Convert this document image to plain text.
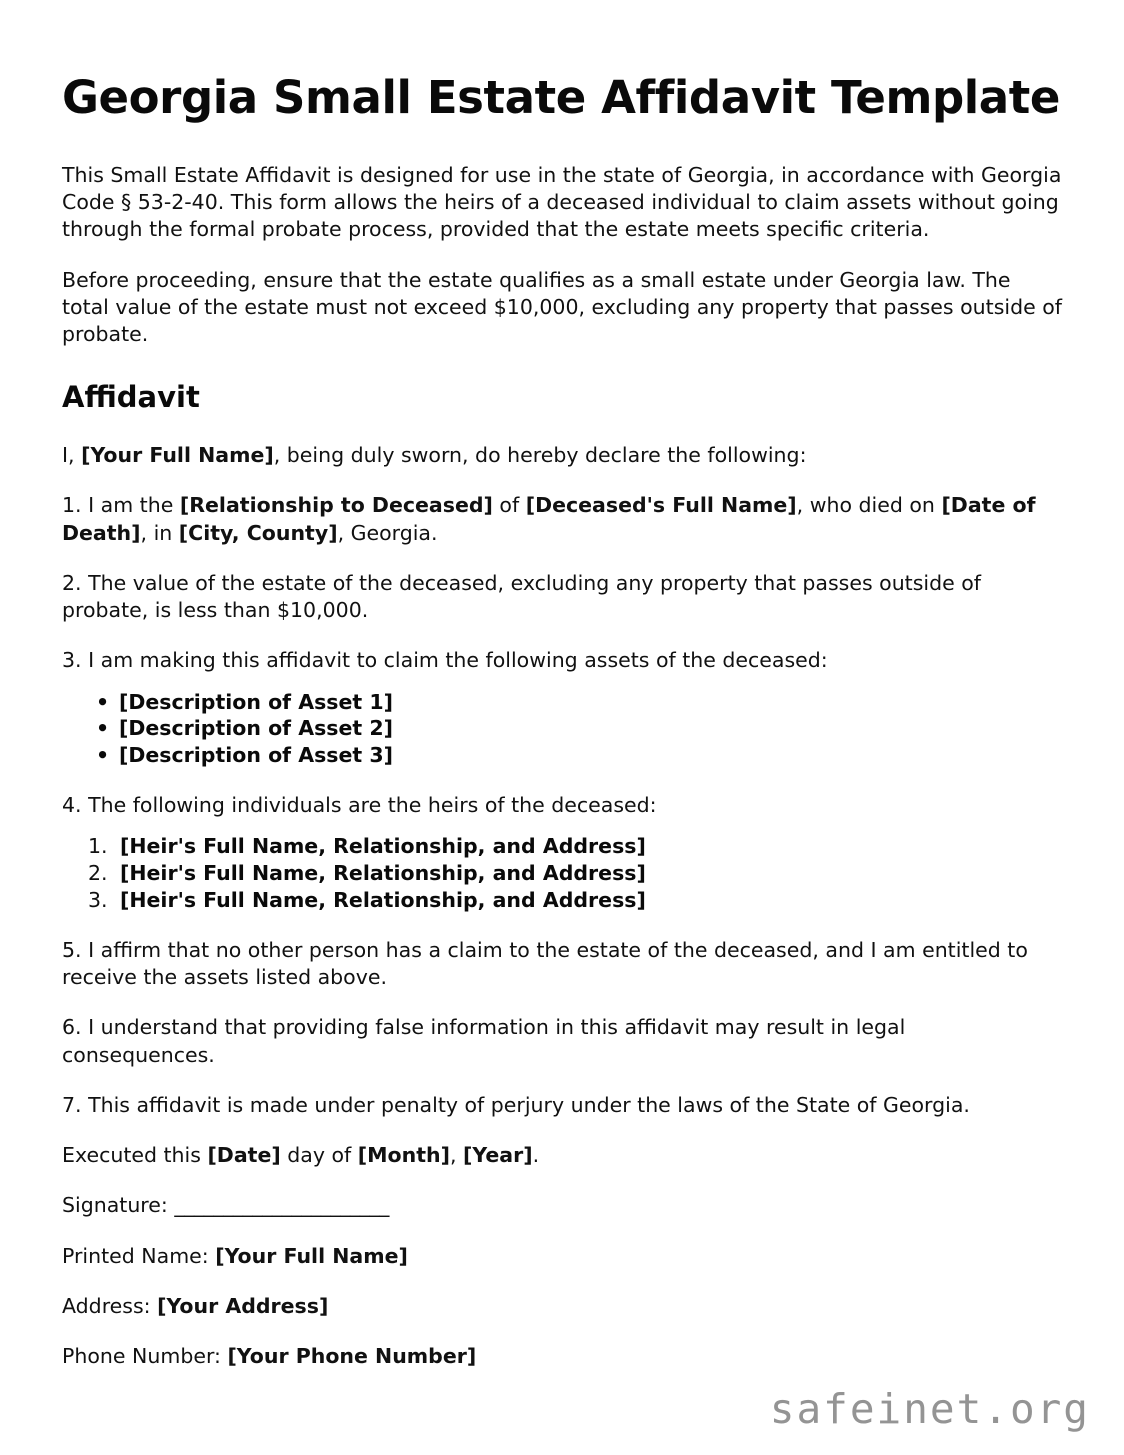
Georgia Small Estate Affidavit Template

This Small Estate Affidavit is designed for use in the state of Georgia, in accordance with Georgia Code § 53-2-40. This form allows the heirs of a deceased individual to claim assets without going through the formal probate process, provided that the estate meets specific criteria.

Before proceeding, ensure that the estate qualifies as a small estate under Georgia law. The total value of the estate must not exceed $10,000, excluding any property that passes outside of probate.

Affidavit

I, [Your Full Name], being duly sworn, do hereby declare the following:

1. I am the [Relationship to Deceased] of [Deceased's Full Name], who died on [Date of Death], in [City, County], Georgia.

2. The value of the estate of the deceased, excluding any property that passes outside of probate, is less than $10,000.

3. I am making this affidavit to claim the following assets of the deceased:

• [Description of Asset 1]
• [Description of Asset 2]
• [Description of Asset 3]

4. The following individuals are the heirs of the deceased:

[Heir's Full Name, Relationship, and Address]
[Heir's Full Name, Relationship, and Address]
[Heir's Full Name, Relationship, and Address]

5. I affirm that no other person has a claim to the estate of the deceased, and I am entitled to receive the assets listed above.

6. I understand that providing false information in this affidavit may result in legal consequences.

7. This affidavit is made under penalty of perjury under the laws of the State of Georgia.

Executed this [Date] day of [Month], [Year].

Signature: ______________________

Printed Name: [Your Full Name]

Address: [Your Address]

Phone Number: [Your Phone Number]

safeinet.org
